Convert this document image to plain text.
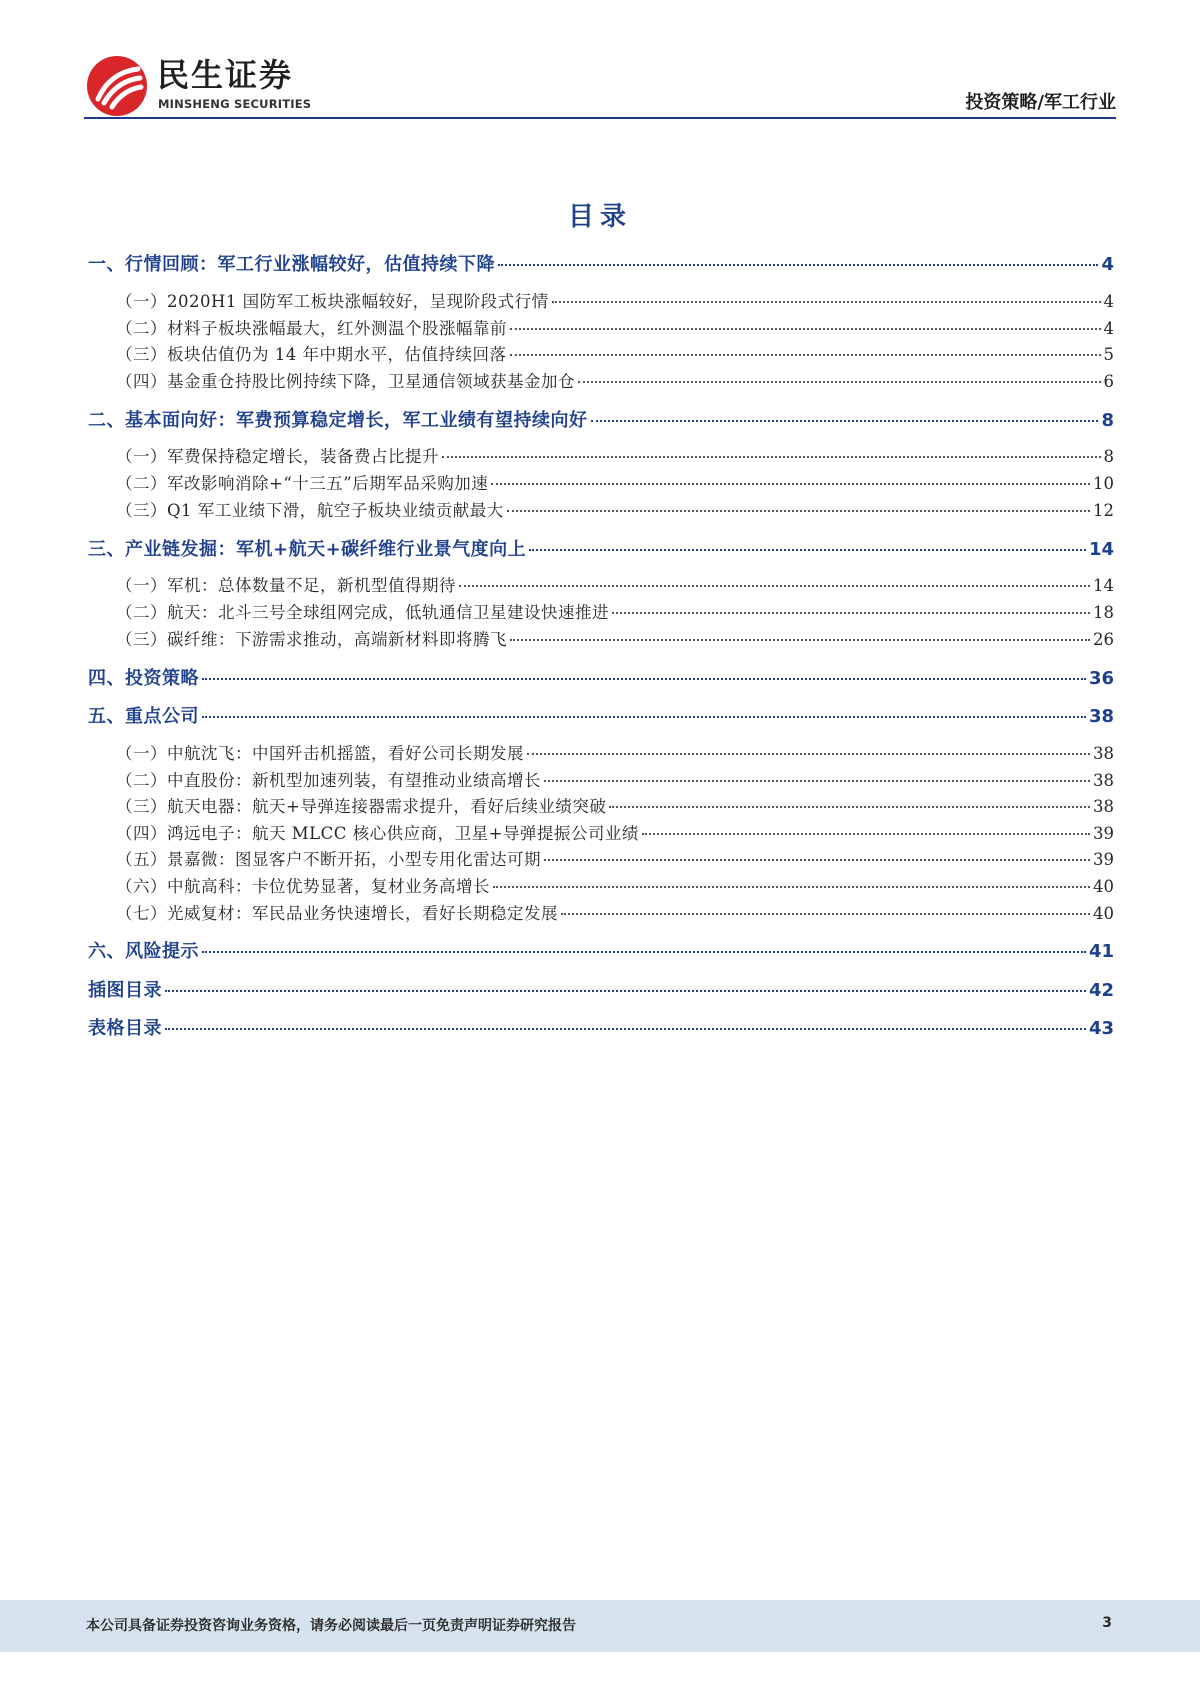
民生证券
MINSHENG SECURITIES	投资策略/军工行业
目录
一、行情回顾：军工行业涨幅较好，估值持续下降	4
（一）2020H1 国防军工板块涨幅较好，呈现阶段式行情	4
（二）材料子板块涨幅最大，红外测温个股涨幅靠前	4
（三）板块估值仍为 14 年中期水平，估值持续回落	5
（四）基金重仓持股比例持续下降，卫星通信领域获基金加仓	6
二、基本面向好：军费预算稳定增长，军工业绩有望持续向好	8
（一）军费保持稳定增长，装备费占比提升	8
（二）军改影响消除+“十三五”后期军品采购加速	10
（三）Q1 军工业绩下滑，航空子板块业绩贡献最大	12
三、产业链发掘：军机+航天+碳纤维行业景气度向上	14
（一）军机：总体数量不足，新机型值得期待	14
（二）航天：北斗三号全球组网完成，低轨通信卫星建设快速推进	18
（三）碳纤维：下游需求推动，高端新材料即将腾飞	26
四、投资策略	36
五、重点公司	38
（一）中航沈飞：中国歼击机摇篮，看好公司长期发展	38
（二）中直股份：新机型加速列装，有望推动业绩高增长	38
（三）航天电器：航天+导弹连接器需求提升，看好后续业绩突破	38
（四）鸿远电子：航天 MLCC 核心供应商，卫星+导弹提振公司业绩	39
（五）景嘉微：图显客户不断开拓，小型专用化雷达可期	39
（六）中航高科：卡位优势显著，复材业务高增长	40
（七）光威复材：军民品业务快速增长，看好长期稳定发展	40
六、风险提示	41
插图目录	42
表格目录	43
本公司具备证券投资咨询业务资格，请务必阅读最后一页免责声明证券研究报告	3
